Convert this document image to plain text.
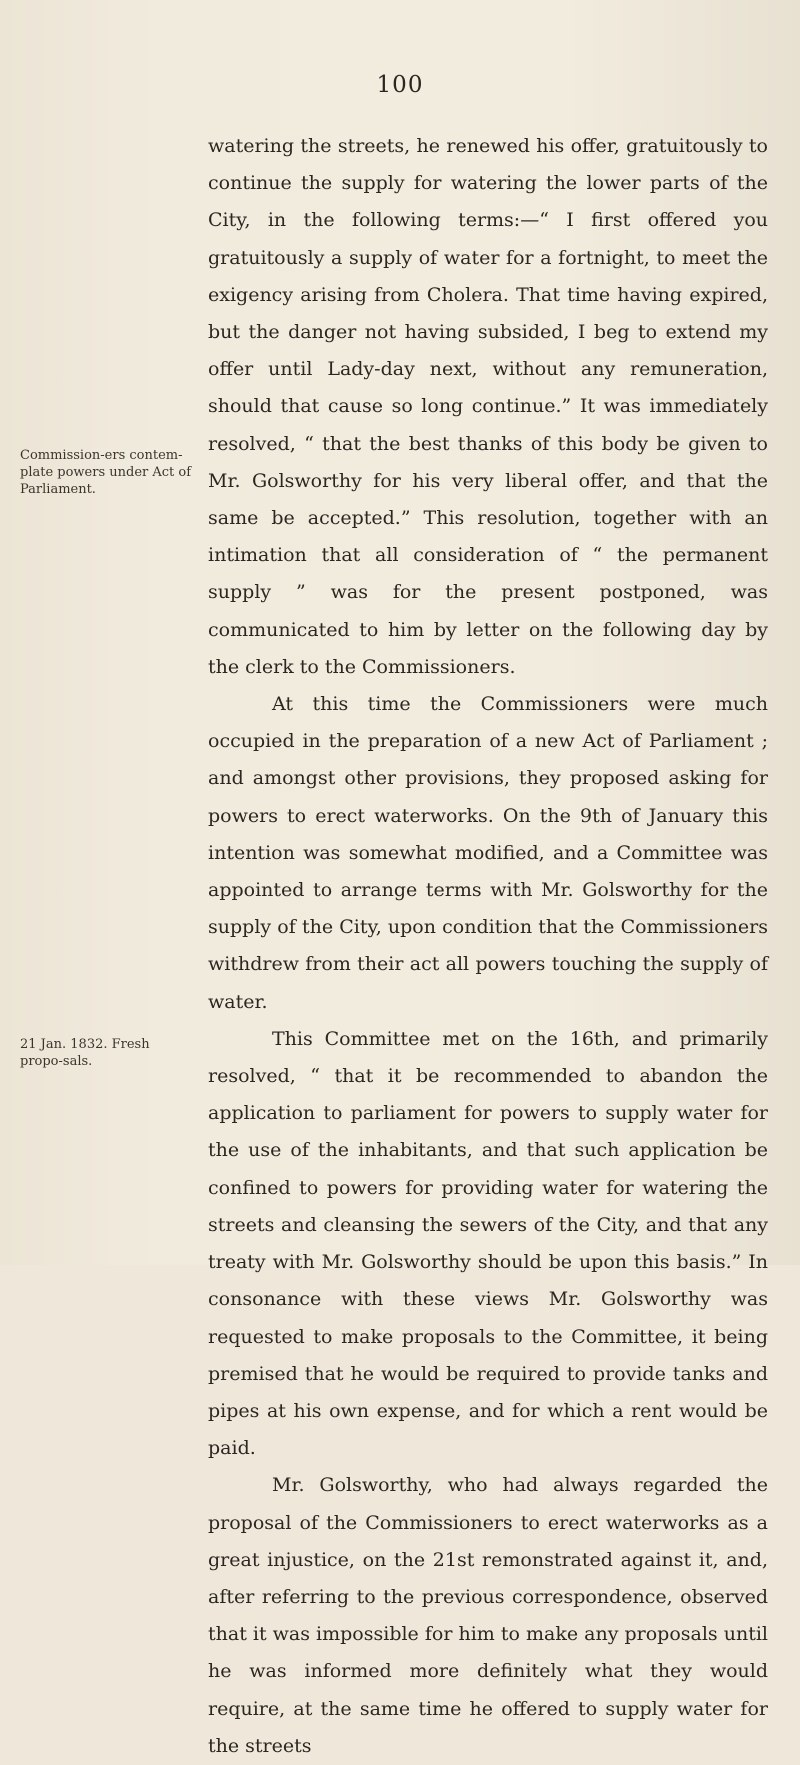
100
Commission-ers contem-plate powers under Act of Parliament.
21 Jan. 1832. Fresh propo-sals.

watering the streets, he renewed his offer, gratuitously to continue the supply for watering the lower parts of the City, in the following terms:—“ I first offered you gratuitously a supply of water for a fortnight, to meet the exigency arising from Cholera. That time having expired, but the danger not having subsided, I beg to extend my offer until Lady-day next, without any remuneration, should that cause so long continue.” It was immediately resolved, “ that the best thanks of this body be given to Mr. Golsworthy for his very liberal offer, and that the same be accepted.” This resolution, together with an intimation that all consideration of “ the permanent supply ” was for the present postponed, was communicated to him by letter on the following day by the clerk to the Commissioners.

At this time the Commissioners were much occupied in the preparation of a new Act of Parliament ; and amongst other provisions, they proposed asking for powers to erect waterworks. On the 9th of January this intention was somewhat modified, and a Committee was appointed to arrange terms with Mr. Golsworthy for the supply of the City, upon condition that the Commissioners withdrew from their act all powers touching the supply of water.

This Committee met on the 16th, and primarily resolved, “ that it be recommended to abandon the application to parliament for powers to supply water for the use of the inhabitants, and that such application be confined to powers for providing water for watering the streets and cleansing the sewers of the City, and that any treaty with Mr. Golsworthy should be upon this basis.” In consonance with these views Mr. Golsworthy was requested to make proposals to the Committee, it being premised that he would be required to provide tanks and pipes at his own expense, and for which a rent would be paid.

Mr. Golsworthy, who had always regarded the proposal of the Commissioners to erect waterworks as a great injustice, on the 21st remonstrated against it, and, after referring to the previous correspondence, observed that it was impossible for him to make any proposals until he was informed more definitely what they would require, at the same time he offered to supply water for the streets
